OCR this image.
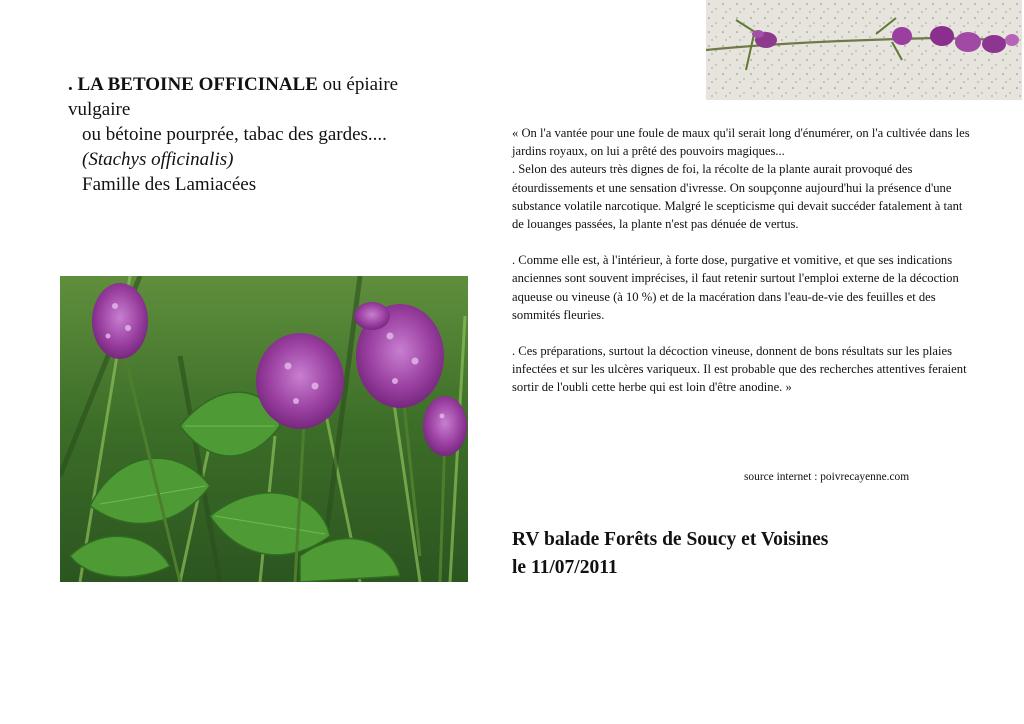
. LA BETOINE OFFICINALE ou épiaire

vulgaire

ou bétoine pourprée, tabac des gardes....

(Stachys officinalis)

Famille des Lamiacées

« On l'a vantée pour une foule de maux qu'il serait long d'énumérer, on l'a cultivée dans les jardins royaux, on lui a prêté des pouvoirs magiques...

. Selon des auteurs très dignes de foi, la récolte de la plante aurait provoqué des étourdissements et une sensation d'ivresse. On soupçonne aujourd'hui la présence d'une substance volatile narcotique. Malgré le scepticisme qui devait succéder fatalement à tant de louanges passées, la plante n'est pas dénuée de vertus.

. Comme elle est, à l'intérieur, à forte dose, purgative et vomitive, et que ses indications anciennes sont souvent imprécises, il faut retenir surtout l'emploi externe de la décoction aqueuse ou vineuse (à 10 %) et de la macération dans l'eau-de-vie des feuilles et des sommités fleuries.

. Ces préparations, surtout la décoction vineuse, donnent de bons résultats sur les plaies infectées et sur les ulcères variqueux. Il est probable que des recherches attentives feraient sortir de l'oubli cette herbe qui est loin d'être anodine. »

source internet : poivrecayenne.com
RV balade Forêts de Soucy et Voisines
le 11/07/2011
